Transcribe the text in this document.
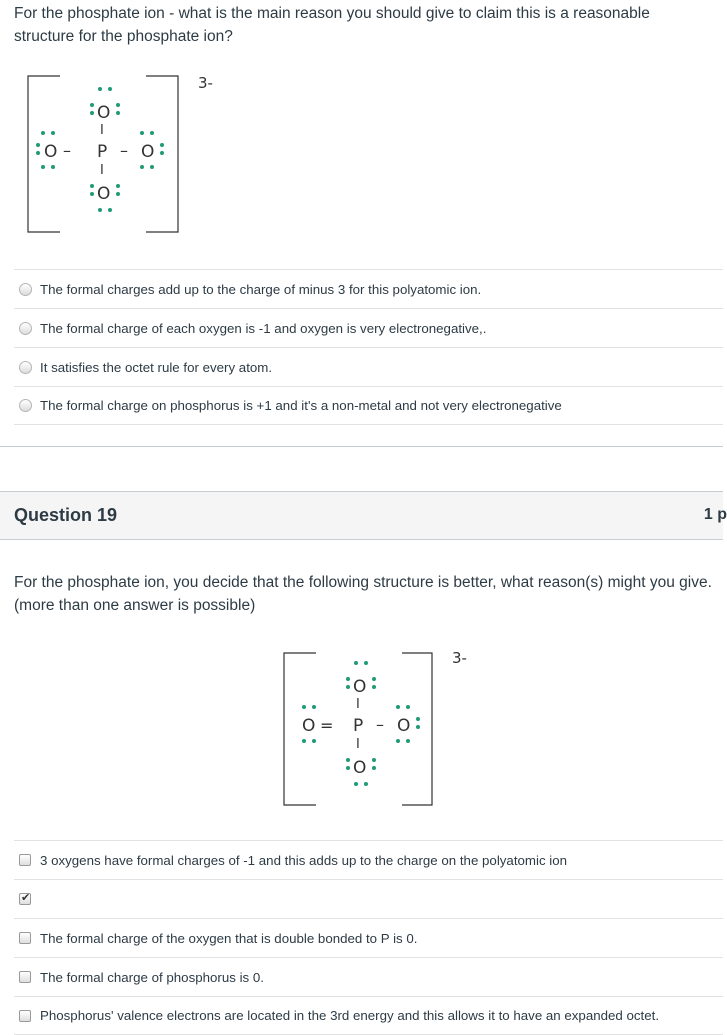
For the phosphate ion - what is the main reason you should give to claim this is a reasonable structure for the phosphate ion?
3-
O
I
O – P – O
I
O
The formal charges add up to the charge of minus 3 for this polyatomic ion.
The formal charge of each oxygen is -1 and oxygen is very electronegative,.
It satisfies the octet rule for every atom.
The formal charge on phosphorus is +1 and it's a non-metal and not very electronegative
Question 19	1 p
For the phosphate ion, you decide that the following structure is better, what reason(s) might you give. (more than one answer is possible)
3-
O
I
O = P – O
I
O
3 oxygens have formal charges of -1 and this adds up to the charge on the polyatomic ion
✔
The formal charge of the oxygen that is double bonded to P is 0.
The formal charge of phosphorus is 0.
Phosphorus' valence electrons are located in the 3rd energy and this allows it to have an expanded octet.
